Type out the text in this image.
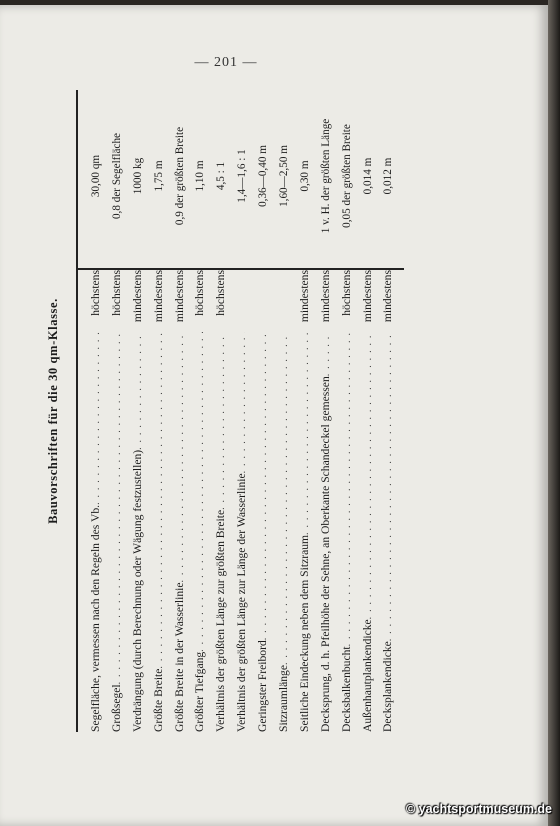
— 201 —
Bauvorschriften für die 30 qm-Klasse.
Segelfläche, vermessen nach den Regeln des Vb.
. . .
höchstens
30,00 qm
Großsegel
. . .
höchstens
0,8 der Segelfläche
Verdrängung (durch Berechnung oder Wägung festzustellen)
. . .
mindestens
1000 kg
Größte Breite
. . .
mindestens
1,75 m
Größte Breite in der Wasserlinie
. . .
mindestens
0,9 der größten Breite
Größter Tiefgang
. . .
höchstens
1,10 m
Verhältnis der größten Länge zur größten Breite
. . .
höchstens
4,5 : 1
Verhältnis der größten Länge zur Länge der Wasserlinie
. . .
1,4—1,6 : 1
Geringster Freibord
. . .
0,36—0,40 m
Sitzraumlänge
. . .
1,60—2,50 m
Seitliche Eindeckung neben dem Sitzraum
. . .
mindestens
0,30 m
Decksprung, d. h. Pfeilhöhe der Sehne, an Oberkante Schandeckel gemessen
. . .
mindestens
1 v. H. der größten Länge
Decksbalkenbucht
. . .
höchstens
0,05 der größten Breite
Außenhautplankendicke
. . .
mindestens
0,014 m
Decksplankendicke
. . .
mindestens
0,012 m
© yachtsportmuseum.de
